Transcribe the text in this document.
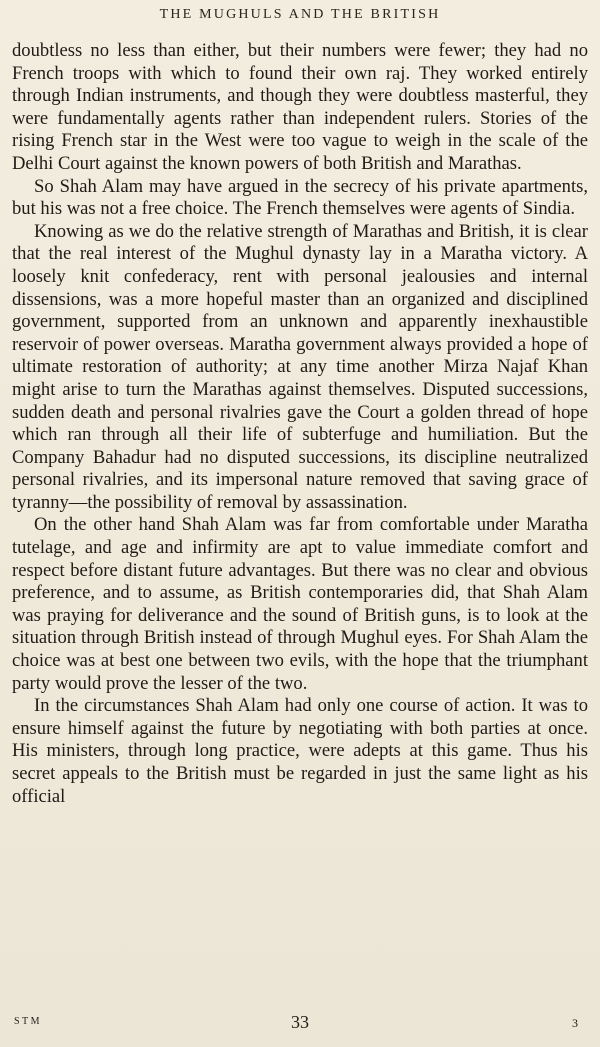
THE MUGHULS AND THE BRITISH

doubtless no less than either, but their numbers were fewer; they had no French troops with which to found their own raj. They worked entirely through Indian instruments, and though they were doubtless masterful, they were fundamentally agents rather than independent rulers. Stories of the rising French star in the West were too vague to weigh in the scale of the Delhi Court against the known powers of both British and Marathas.

So Shah Alam may have argued in the secrecy of his private apartments, but his was not a free choice. The French themselves were agents of Sindia.

Knowing as we do the relative strength of Marathas and British, it is clear that the real interest of the Mughul dynasty lay in a Maratha victory. A loosely knit confederacy, rent with personal jealousies and internal dissensions, was a more hopeful master than an organized and disciplined government, supported from an unknown and apparently inexhaustible reservoir of power overseas. Maratha government always provided a hope of ultimate restoration of authority; at any time another Mirza Najaf Khan might arise to turn the Marathas against themselves. Disputed successions, sudden death and personal rivalries gave the Court a golden thread of hope which ran through all their life of subterfuge and humiliation. But the Company Bahadur had no disputed successions, its discipline neutralized personal rivalries, and its impersonal nature removed that saving grace of tyranny—the possibility of removal by assassination.

On the other hand Shah Alam was far from comfortable under Maratha tutelage, and age and infirmity are apt to value immediate comfort and respect before distant future advantages. But there was no clear and obvious preference, and to assume, as British contemporaries did, that Shah Alam was praying for deliverance and the sound of British guns, is to look at the situation through British instead of through Mughul eyes. For Shah Alam the choice was at best one between two evils, with the hope that the triumphant party would prove the lesser of the two.

In the circumstances Shah Alam had only one course of action. It was to ensure himself against the future by negotiating with both parties at once. His ministers, through long practice, were adepts at this game. Thus his secret appeals to the British must be regarded in just the same light as his official

STM	33	3
